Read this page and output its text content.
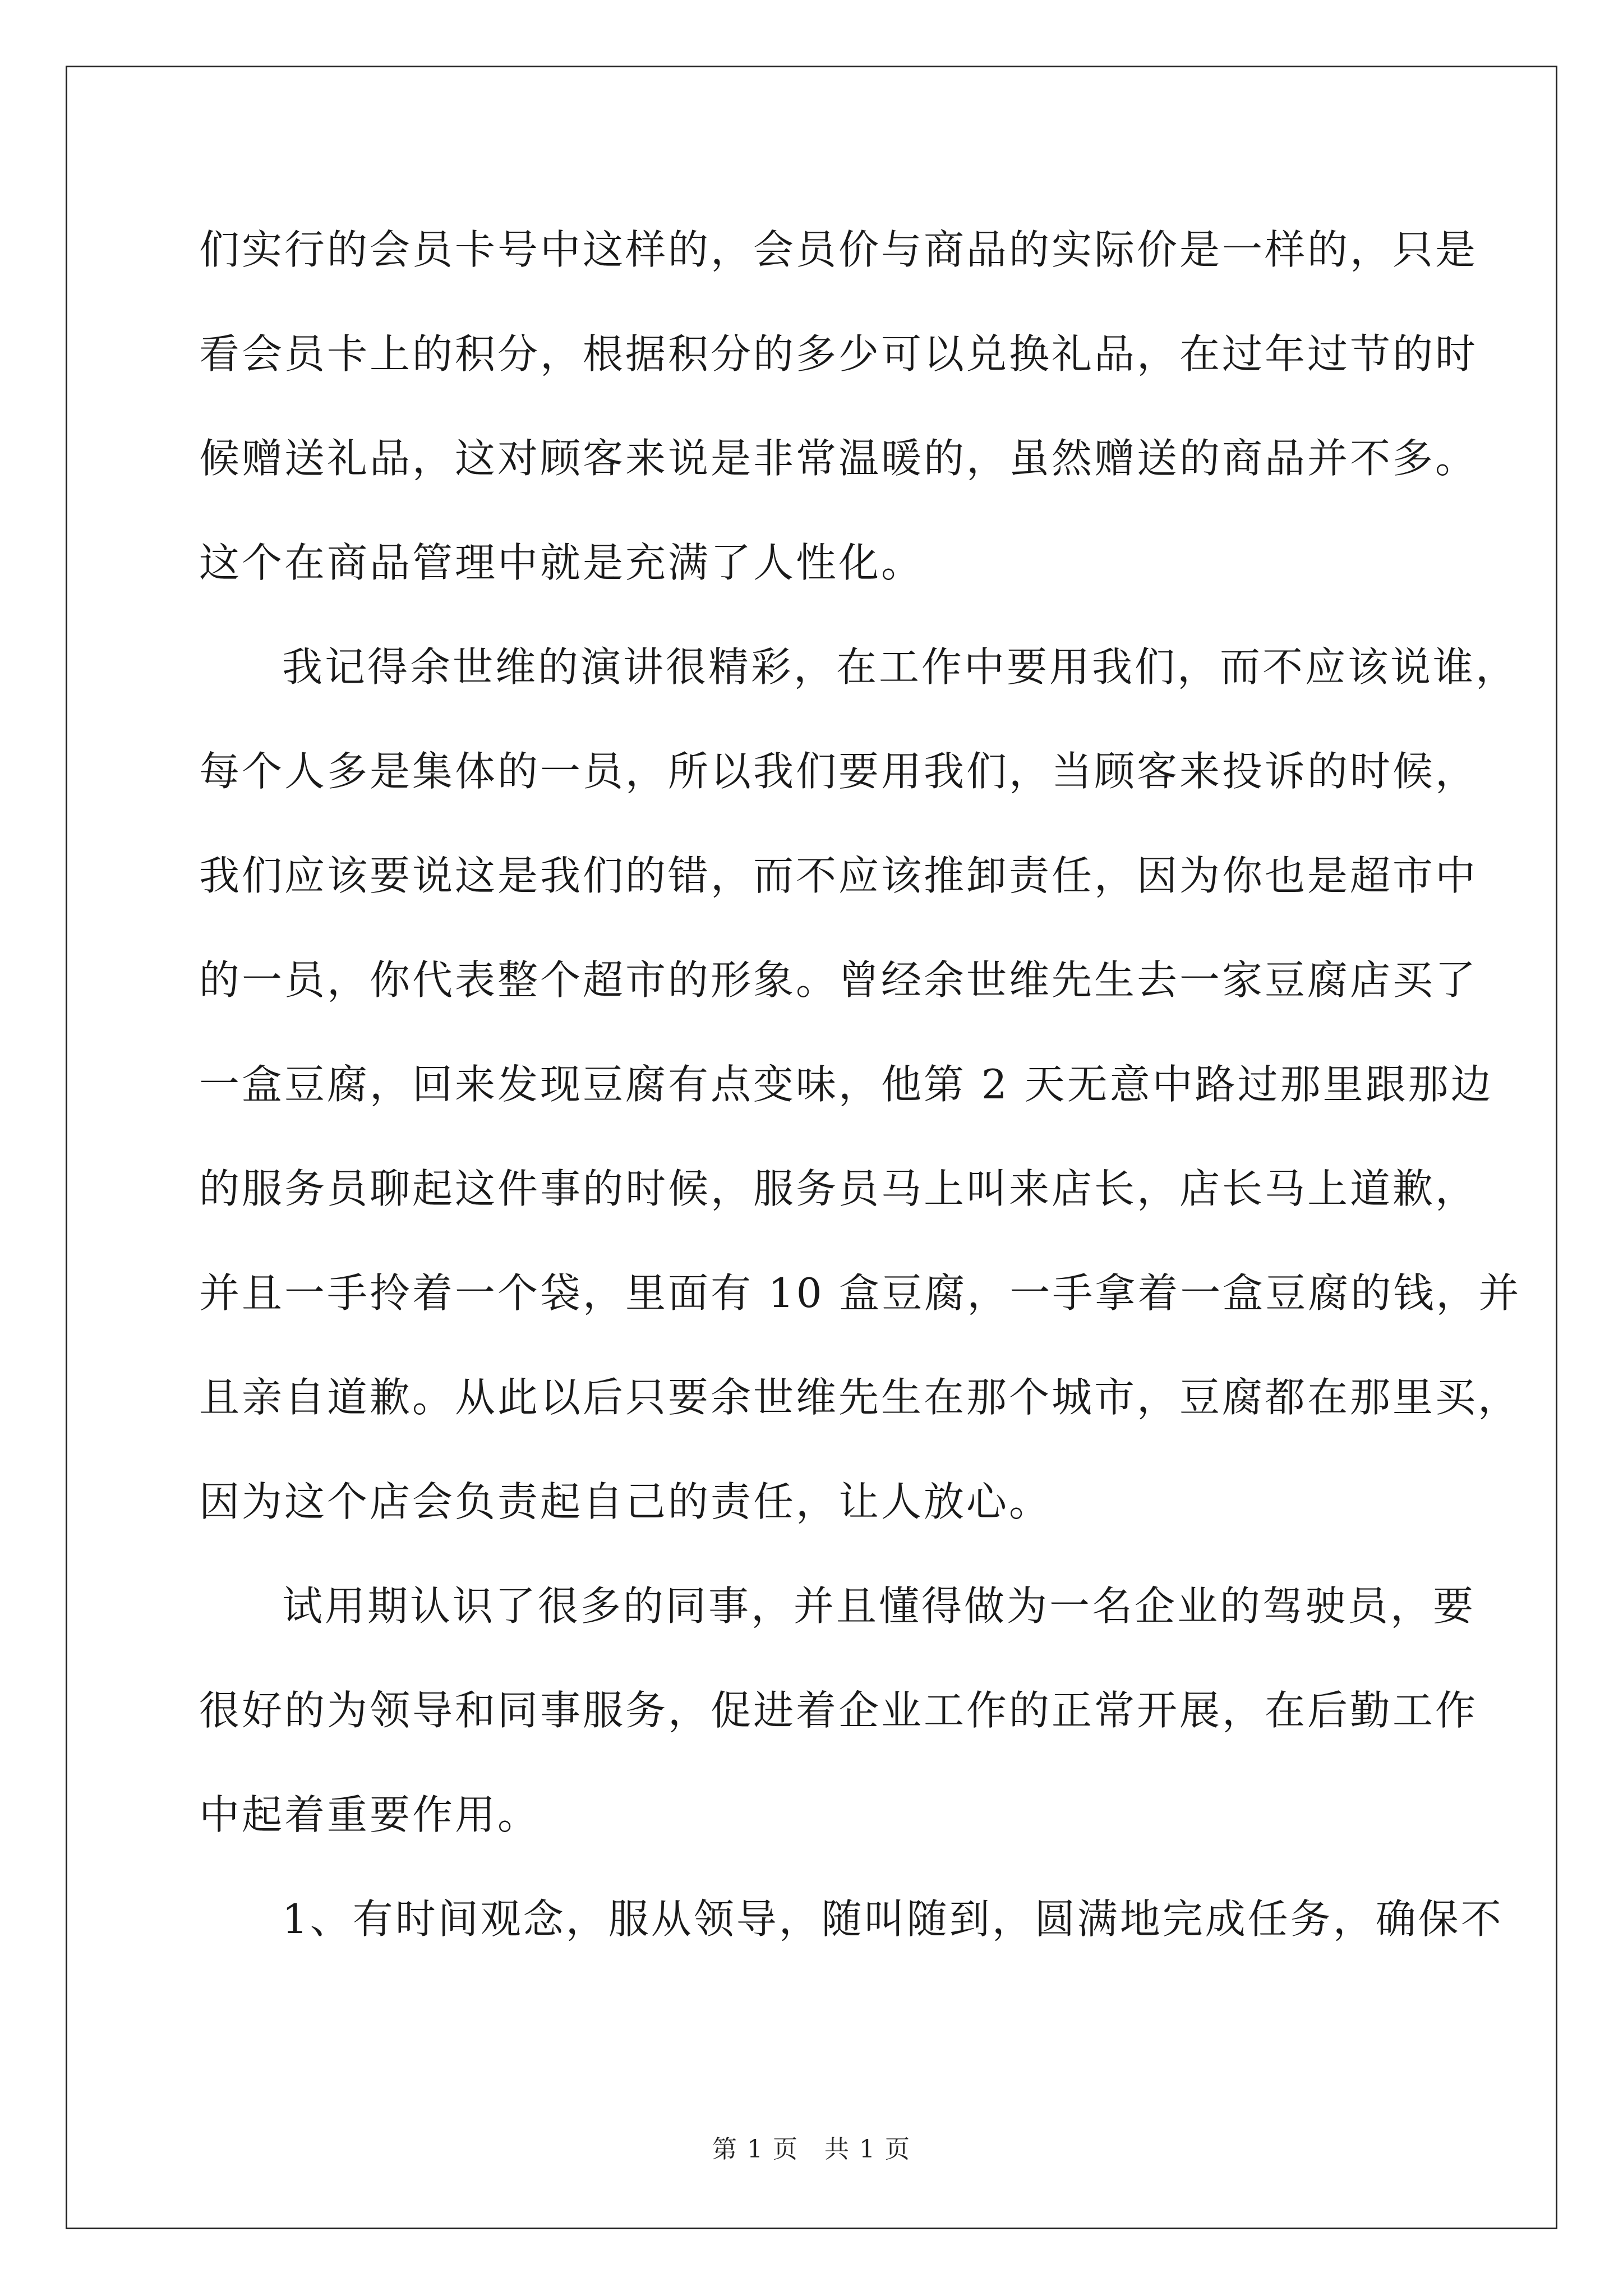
们实行的会员卡号中这样的，会员价与商品的实际价是一样的，只是
看会员卡上的积分，根据积分的多少可以兑换礼品，在过年过节的时
候赠送礼品，这对顾客来说是非常温暖的，虽然赠送的商品并不多。
这个在商品管理中就是充满了人性化。
我记得余世维的演讲很精彩，在工作中要用我们，而不应该说谁，
每个人多是集体的一员，所以我们要用我们，当顾客来投诉的时候，
我们应该要说这是我们的错，而不应该推卸责任，因为你也是超市中
的一员，你代表整个超市的形象。曾经余世维先生去一家豆腐店买了
一盒豆腐，回来发现豆腐有点变味，他第 2 天无意中路过那里跟那边
的服务员聊起这件事的时候，服务员马上叫来店长，店长马上道歉，
并且一手拎着一个袋，里面有 10 盒豆腐，一手拿着一盒豆腐的钱，并
且亲自道歉。从此以后只要余世维先生在那个城市，豆腐都在那里买，
因为这个店会负责起自己的责任，让人放心。
试用期认识了很多的同事，并且懂得做为一名企业的驾驶员，要
很好的为领导和同事服务，促进着企业工作的正常开展，在后勤工作
中起着重要作用。
1、有时间观念，服从领导，随叫随到，圆满地完成任务，确保不
第 1 页　共 1 页
